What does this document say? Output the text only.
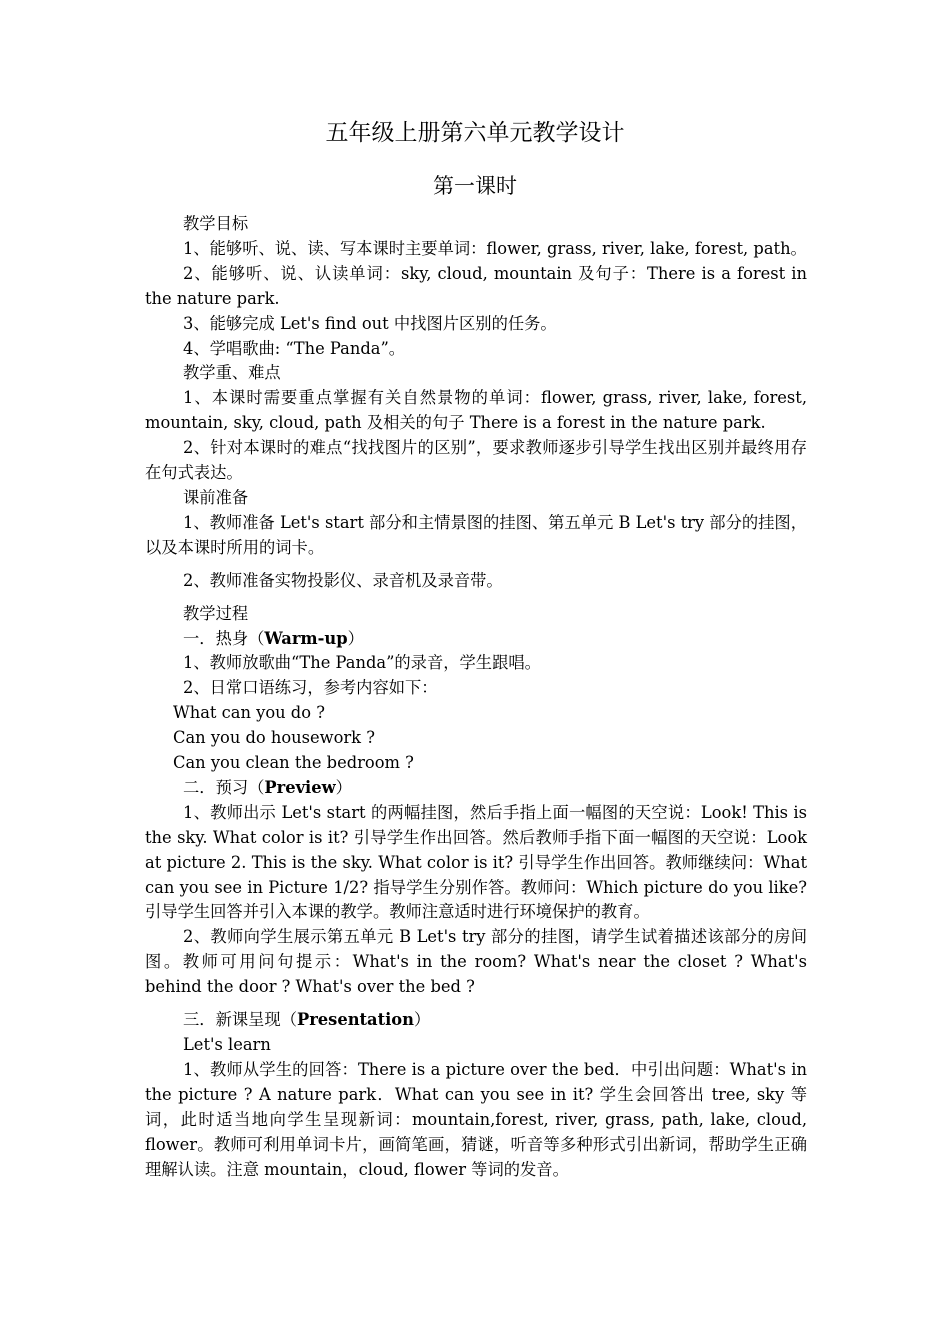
五年级上册第六单元教学设计
第一课时

教学目标

1、能够听、说、读、写本课时主要单词：flower, grass, river, lake, forest, path。

2、能够听、说、认读单词：sky, cloud, mountain 及句子：There is a forest in the nature park.

3、能够完成 Let's find out 中找图片区别的任务。

4、学唱歌曲: “The Panda”。

教学重、难点

1、本课时需要重点掌握有关自然景物的单词：flower, grass, river, lake, forest, mountain, sky, cloud, path 及相关的句子 There is a forest in the nature park.

2、针对本课时的难点“找找图片的区别”，要求教师逐步引导学生找出区别并最终用存在句式表达。

课前准备

1、教师准备 Let's start 部分和主情景图的挂图、第五单元 B Let's try 部分的挂图，以及本课时所用的词卡。

2、教师准备实物投影仪、录音机及录音带。

教学过程

一．热身（Warm-up）

1、教师放歌曲“The Panda”的录音，学生跟唱。

2、日常口语练习，参考内容如下：

What can you do ?

Can you do housework ?

Can you clean the bedroom ?

二．预习（Preview）

1、教师出示 Let's start 的两幅挂图，然后手指上面一幅图的天空说：Look! This is the sky. What color is it? 引导学生作出回答。然后教师手指下面一幅图的天空说：Look at picture 2. This is the sky. What color is it? 引导学生作出回答。教师继续问：What can you see in Picture 1/2? 指导学生分别作答。教师问：Which picture do you like? 引导学生回答并引入本课的教学。教师注意适时进行环境保护的教育。

2、教师向学生展示第五单元 B Let's try 部分的挂图，请学生试着描述该部分的房间图。教师可用问句提示：What's in the room? What's near the closet ? What's behind the door ? What's over the bed ?

三．新课呈现（Presentation）

Let's learn

1、教师从学生的回答：There is a picture over the bed．中引出问题：What's in the picture ? A nature park．What can you see in it? 学生会回答出 tree, sky 等词，此时适当地向学生呈现新词：mountain,forest, river, grass, path, lake, cloud, flower。教师可利用单词卡片，画简笔画，猜谜，听音等多种形式引出新词，帮助学生正确理解认读。注意 mountain，cloud, flower 等词的发音。
